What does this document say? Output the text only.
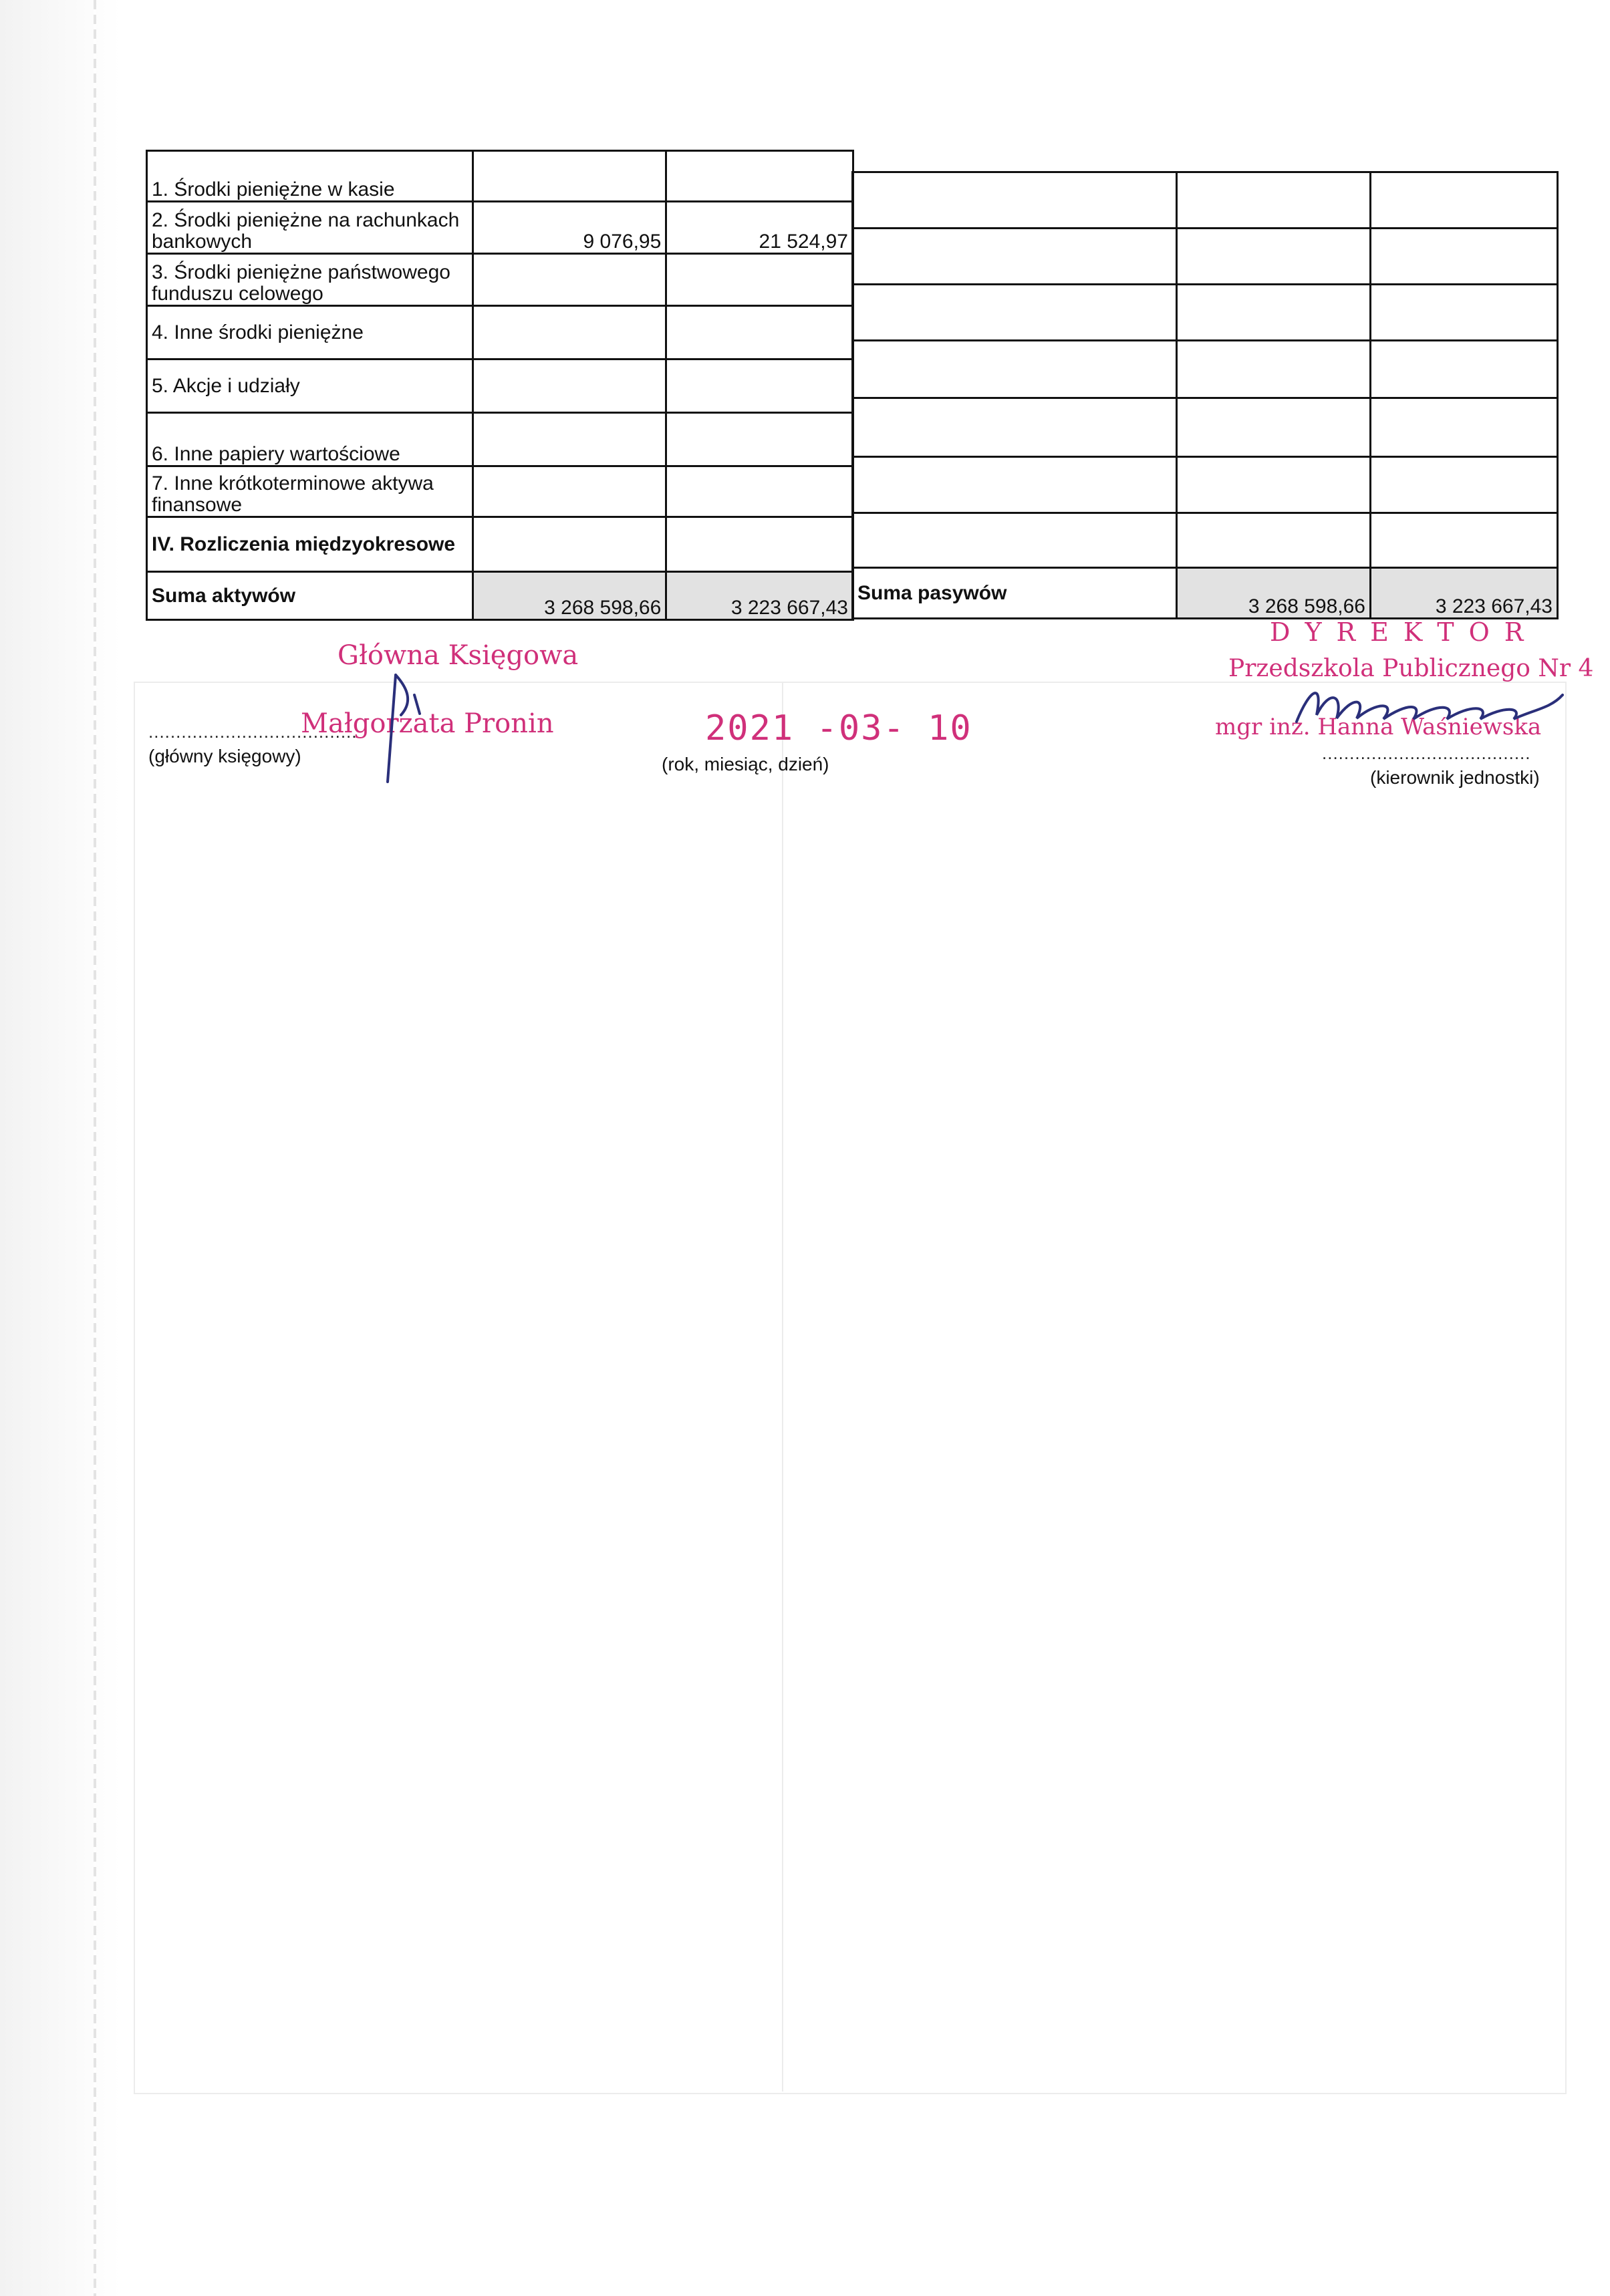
1. Środki pieniężne w kasie		
2. Środki pieniężne na rachunkach bankowych	9 076,95	21 524,97
3. Środki pieniężne państwowego funduszu celowego		
4. Inne środki pieniężne		
5. Akcje i udziały		
6. Inne papiery wartościowe		
7. Inne krótkoterminowe aktywa finansowe		
IV. Rozliczenia międzyokresowe		
Suma aktywów	3 268 598,66	3 223 667,43

Suma pasywów	3 268 598,66	3 223 667,43
Główna Księgowa
Małgorzata Pronin
......................................
(główny księgowy)
2021 -03- 10
(rok, miesiąc, dzień)
DYREKTOR
Przedszkola Publicznego Nr 4
mgr inż. Hanna Waśniewska
......................................
(kierownik jednostki)
